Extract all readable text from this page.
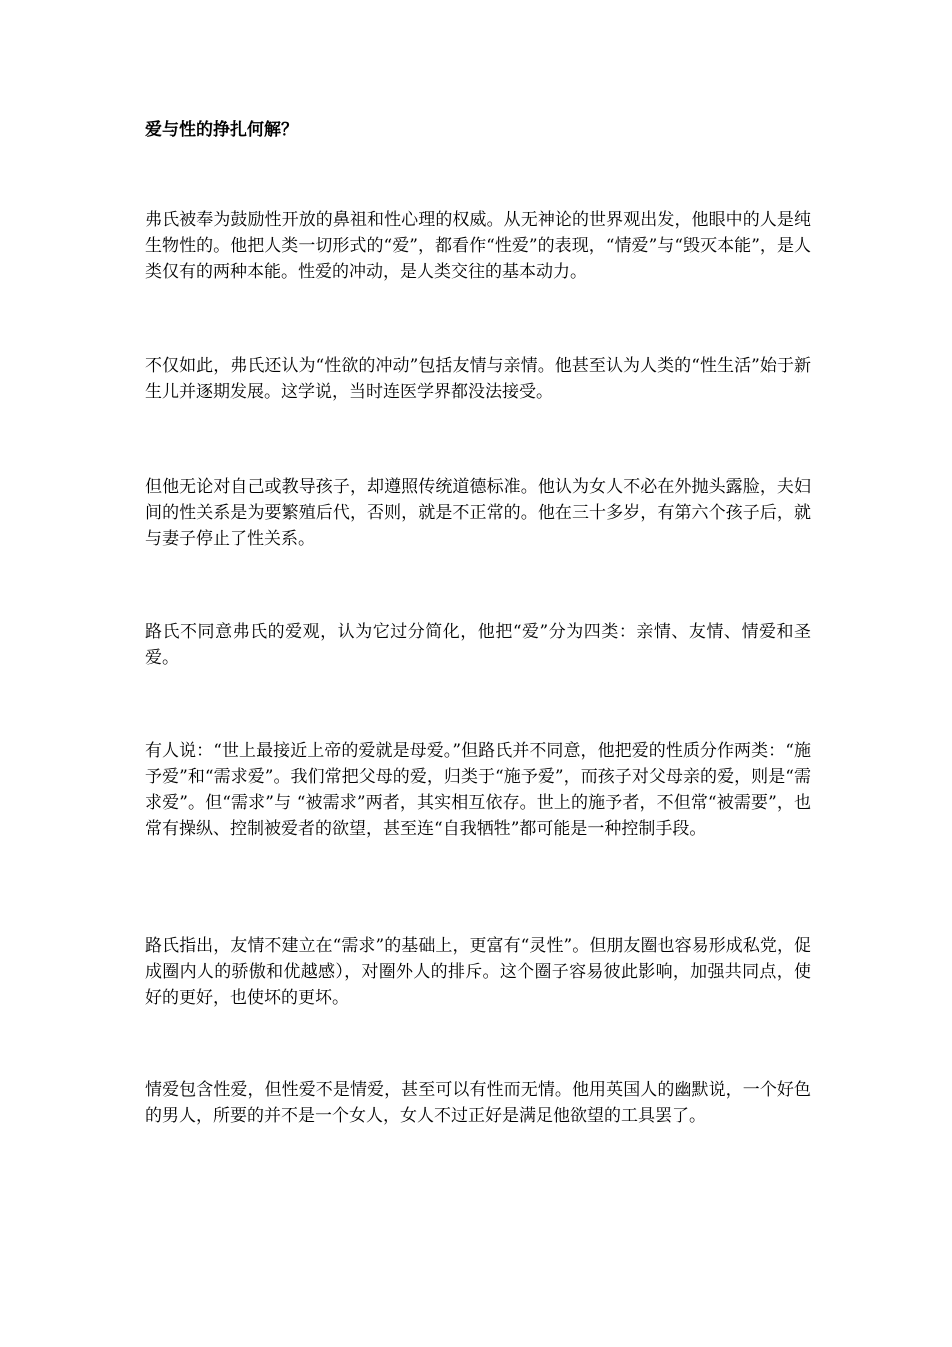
爱与性的挣扎何解？

弗氏被奉为鼓励性开放的鼻祖和性心理的权威。从无神论的世界观出发，他眼中的人是纯生物性的。他把人类一切形式的“爱”，都看作“性爱”的表现，“情爱”与“毁灭本能”，是人类仅有的两种本能。性爱的冲动，是人类交往的基本动力。

不仅如此，弗氏还认为“性欲的冲动”包括友情与亲情。他甚至认为人类的“性生活”始于新生儿并逐期发展。这学说，当时连医学界都没法接受。

但他无论对自己或教导孩子，却遵照传统道德标准。他认为女人不必在外抛头露脸，夫妇间的性关系是为要繁殖后代，否则，就是不正常的。他在三十多岁，有第六个孩子后，就与妻子停止了性关系。

路氏不同意弗氏的爱观，认为它过分简化，他把“爱”分为四类：亲情、友情、情爱和圣爱。

有人说：“世上最接近上帝的爱就是母爱。”但路氏并不同意，他把爱的性质分作两类：“施予爱”和“需求爱”。我们常把父母的爱，归类于“施予爱”，而孩子对父母亲的爱，则是“需求爱”。但“需求”与 “被需求”两者，其实相互依存。世上的施予者，不但常“被需要”，也常有操纵、控制被爱者的欲望，甚至连“自我牺牲”都可能是一种控制手段。

路氏指出，友情不建立在“需求”的基础上，更富有“灵性”。但朋友圈也容易形成私党，促成圈内人的骄傲和优越感），对圈外人的排斥。这个圈子容易彼此影响，加强共同点，使好的更好，也使坏的更坏。

情爱包含性爱，但性爱不是情爱，甚至可以有性而无情。他用英国人的幽默说，一个好色的男人，所要的并不是一个女人，女人不过正好是满足他欲望的工具罢了。
